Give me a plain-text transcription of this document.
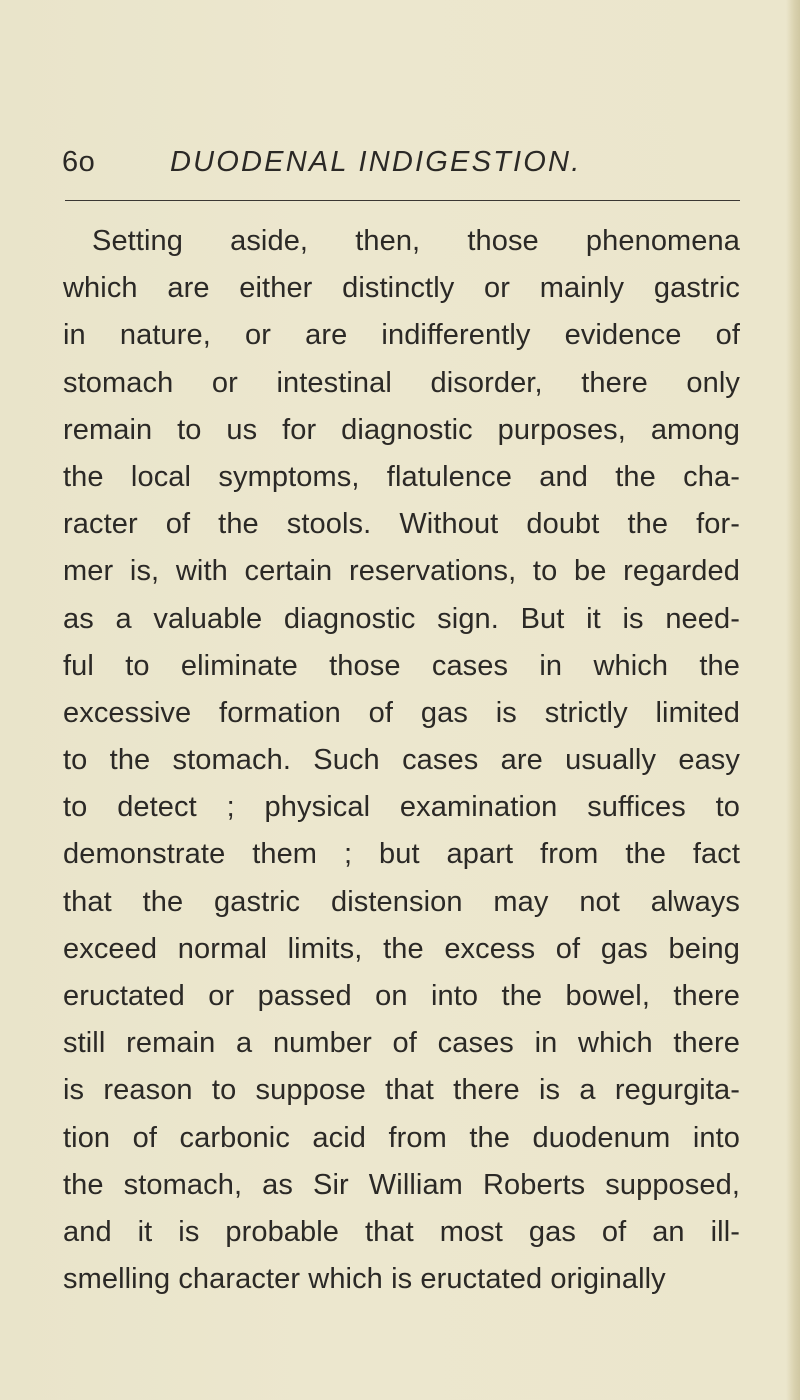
6o	DUODENAL INDIGESTION.
Setting aside, then, those phenomena
which are either distinctly or mainly gastric
in nature, or are indifferently evidence of
stomach or intestinal disorder, there only
remain to us for diagnostic purposes, among
the local symptoms, flatulence and the cha-
racter of the stools. Without doubt the for-
mer is, with certain reservations, to be regarded
as a valuable diagnostic sign. But it is need-
ful to eliminate those cases in which the
excessive formation of gas is strictly limited
to the stomach. Such cases are usually easy
to detect ; physical examination suffices to
demonstrate them ; but apart from the fact
that the gastric distension may not always
exceed normal limits, the excess of gas being
eructated or passed on into the bowel, there
still remain a number of cases in which there
is reason to suppose that there is a regurgita-
tion of carbonic acid from the duodenum into
the stomach, as Sir William Roberts supposed,
and it is probable that most gas of an ill-
smelling character which is eructated originally
